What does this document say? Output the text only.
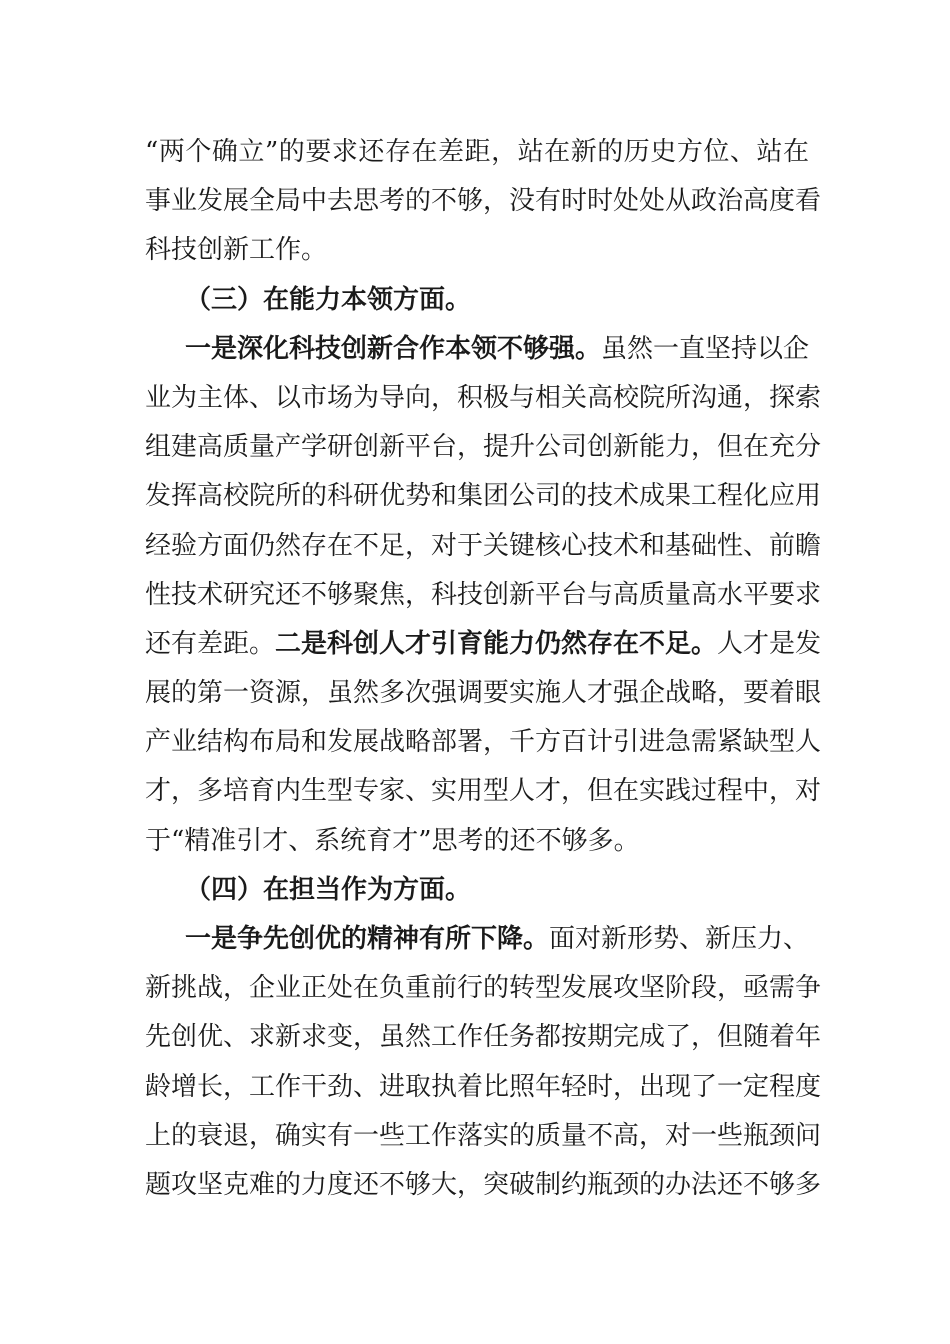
“两个确立”的要求还存在差距，站在新的历史方位、站在
事业发展全局中去思考的不够，没有时时处处从政治高度看
科技创新工作。
（三）在能力本领方面。
一是深化科技创新合作本领不够强。虽然一直坚持以企
业为主体、以市场为导向，积极与相关高校院所沟通，探索
组建高质量产学研创新平台，提升公司创新能力，但在充分
发挥高校院所的科研优势和集团公司的技术成果工程化应用
经验方面仍然存在不足，对于关键核心技术和基础性、前瞻
性技术研究还不够聚焦，科技创新平台与高质量高水平要求
还有差距。二是科创人才引育能力仍然存在不足。人才是发
展的第一资源，虽然多次强调要实施人才强企战略，要着眼
产业结构布局和发展战略部署，千方百计引进急需紧缺型人
才，多培育内生型专家、实用型人才，但在实践过程中，对
于“精准引才、系统育才”思考的还不够多。
（四）在担当作为方面。
一是争先创优的精神有所下降。面对新形势、新压力、
新挑战，企业正处在负重前行的转型发展攻坚阶段，亟需争
先创优、求新求变，虽然工作任务都按期完成了，但随着年
龄增长，工作干劲、进取执着比照年轻时，出现了一定程度
上的衰退，确实有一些工作落实的质量不高，对一些瓶颈问
题攻坚克难的力度还不够大，突破制约瓶颈的办法还不够多
